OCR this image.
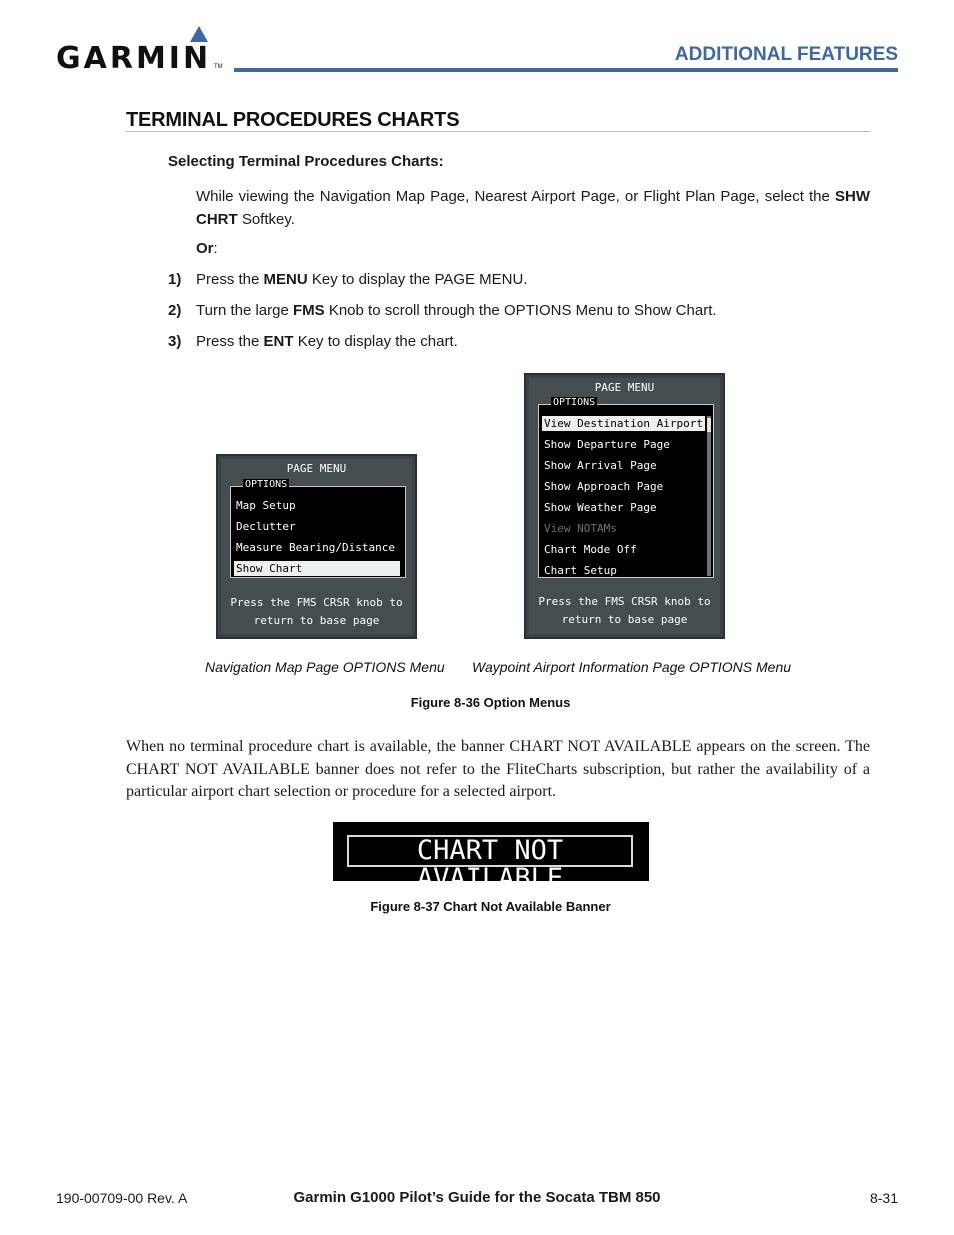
GARMIN TM
ADDITIONAL FEATURES
TERMINAL PROCEDURES CHARTS
Selecting Terminal Procedures Charts:
While viewing the Navigation Map Page, Nearest Airport Page, or Flight Plan Page, select the SHW CHRT Softkey.
Or:
1) Press the MENU Key to display the PAGE MENU.
2) Turn the large FMS Knob to scroll through the OPTIONS Menu to Show Chart.
3) Press the ENT Key to display the chart.
PAGE MENU
OPTIONS
Map Setup
Declutter
Measure Bearing/Distance
Show Chart
Press the FMS CRSR knob to
return to base page
PAGE MENU
OPTIONS
View Destination Airport
Show Departure Page
Show Arrival Page
Show Approach Page
Show Weather Page
View NOTAMs
Chart Mode Off
Chart Setup
Press the FMS CRSR knob to
return to base page
Navigation Map Page OPTIONS Menu Waypoint Airport Information Page OPTIONS Menu
Figure 8-36 Option Menus
When no terminal procedure chart is available, the banner CHART NOT AVAILABLE appears on the screen. The CHART NOT AVAILABLE banner does not refer to the FliteCharts subscription, but rather the availability of a particular airport chart selection or procedure for a selected airport.
CHART NOT AVAILABLE
Figure 8-37 Chart Not Available Banner
190-00709-00 Rev. A	Garmin G1000 Pilot’s Guide for the Socata TBM 850	8-31
